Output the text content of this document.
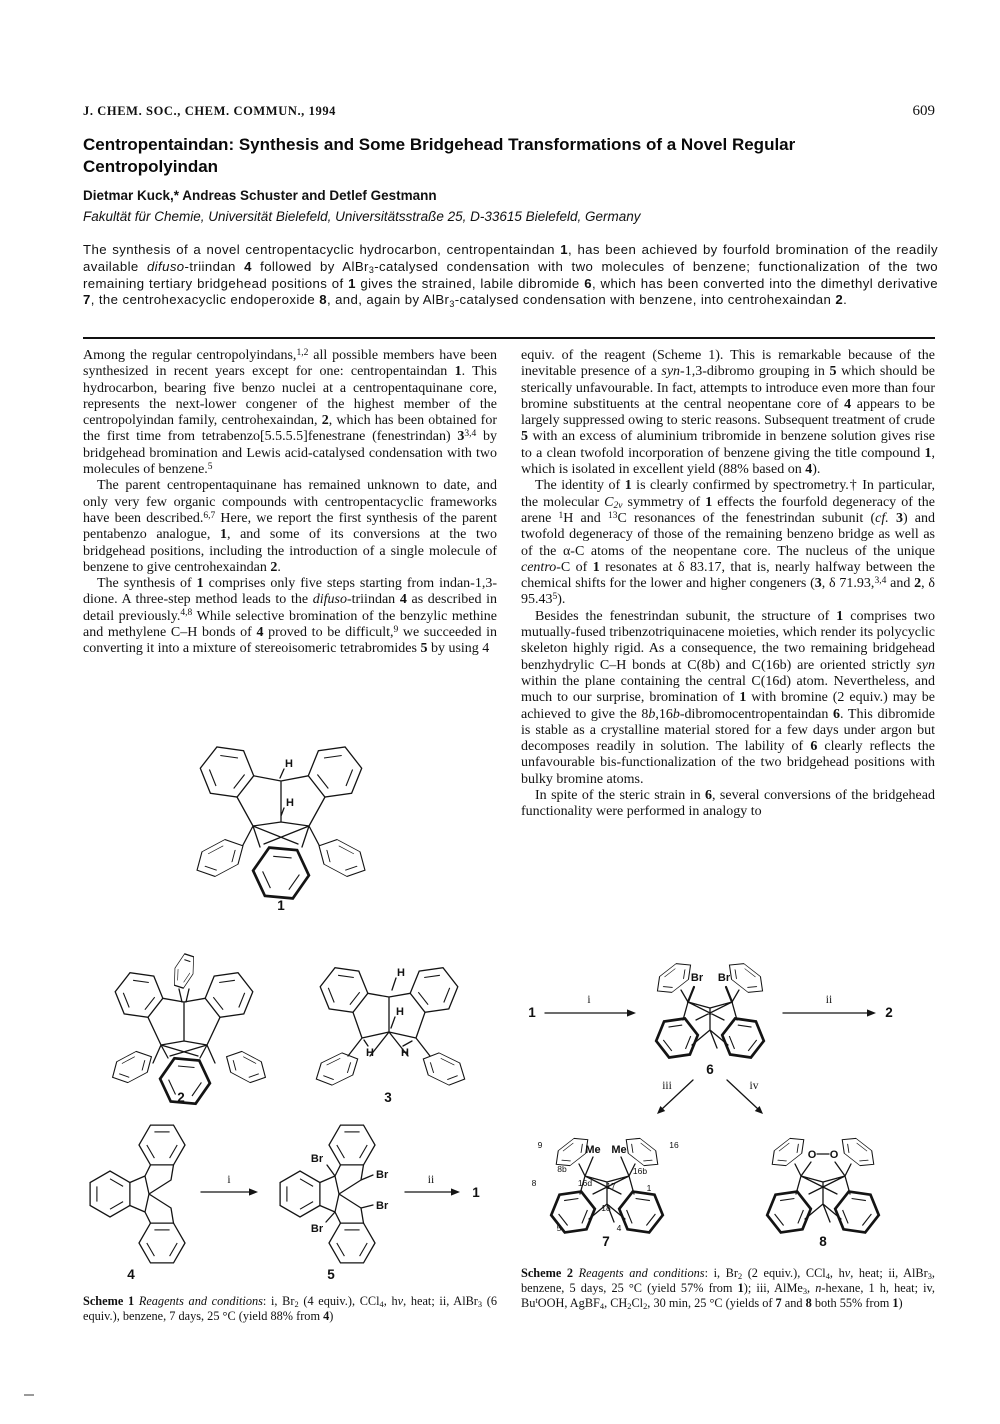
J. CHEM. SOC., CHEM. COMMUN., 1994	609
Centropentaindan: Synthesis and Some Bridgehead Transformations of a Novel Regular Centropolyindan
Dietmar Kuck,* Andreas Schuster and Detlef Gestmann
Fakultät für Chemie, Universität Bielefeld, Universitätsstraße 25, D-33615 Bielefeld, Germany
The synthesis of a novel centropentacyclic hydrocarbon, centropentaindan 1, has been achieved by fourfold bromination of the readily available difuso-triindan 4 followed by AlBr$_3$-catalysed condensation with two molecules of benzene; functionalization of the two remaining tertiary bridgehead positions of 1 gives the strained, labile dibromide 6, which has been converted into the dimethyl derivative 7, the centrohexacyclic endoperoxide 8, and, again by AlBr$_3$-catalysed condensation with benzene, into centrohexaindan 2.

Among the regular centropolyindans,$^{1,2}$ all possible members have been synthesized in recent years except for one: centropentaindan 1. This hydrocarbon, bearing five benzo nuclei at a centropentaquinane core, represents the next-lower congener of the highest member of the centropolyindan family, centrohexaindan, 2, which has been obtained for the first time from tetrabenzo[5.5.5.5]fenestrane (fenestrindan) 3$^{3,4}$ by bridgehead bromination and Lewis acid-catalysed condensation with two molecules of benzene.$^5$

The parent centropentaquinane has remained unknown to date, and only very few organic compounds with centropentacyclic frameworks have been described.$^{6,7}$ Here, we report the first synthesis of the parent pentabenzo analogue, 1, and some of its conversions at the two bridgehead positions, including the introduction of a single molecule of benzene to give centrohexaindan 2.

The synthesis of 1 comprises only five steps starting from indan-1,3-dione. A three-step method leads to the difuso-triindan 4 as described in detail previously.$^{4,8}$ While selective bromination of the benzylic methine and methylene C–H bonds of 4 proved to be difficult,$^9$ we succeeded in converting it into a mixture of stereoisomeric tetrabromides 5 by using 4

equiv. of the reagent (Scheme 1). This is remarkable because of the inevitable presence of a syn-1,3-dibromo grouping in 5 which should be sterically unfavourable. In fact, attempts to introduce even more than four bromine substituents at the central neopentane core of 4 appears to be largely suppressed owing to steric reasons. Subsequent treatment of crude 5 with an excess of aluminium tribromide in benzene solution gives rise to a clean twofold incorporation of benzene giving the title compound 1, which is isolated in excellent yield (88% based on 4).

The identity of 1 is clearly confirmed by spectrometry.† In particular, the molecular $C_{2v}$ symmetry of 1 effects the fourfold degeneracy of the arene $^1$H and $^{13}$C resonances of the fenestrindan subunit (cf. 3) and twofold degeneracy of those of the remaining benzeno bridge as well as of the α-C atoms of the neopentane core. The nucleus of the unique centro-C of 1 resonates at δ 83.17, that is, nearly halfway between the chemical shifts for the lower and higher congeners (3, δ 71.93,$^{3,4}$ and 2, δ 95.43$^5$).

Besides the fenestrindan subunit, the structure of 1 comprises two mutually-fused tribenzotriquinacene moieties, which render its polycyclic skeleton highly rigid. As a consequence, the two remaining bridgehead benzhydrylic C–H bonds at C(8b) and C(16b) are oriented strictly syn within the plane containing the central C(16d) atom. Nevertheless, and much to our surprise, bromination of 1 with bromine (2 equiv.) may be achieved to give the 8b,16b-dibromocentropentaindan 6. This dibromide is stable as a crystalline material stored for a few days under argon but decomposes readily in solution. The lability of 6 clearly reflects the unfavourable bis-functionalization of the two bridgehead positions with bulky bromine atoms.

In spite of the steric strain in 6, several conversions of the bridgehead functionality were performed in analogy to

H
H
1
2
H
H
H H
3
4
i
Br
Br
Br
Br
5
ii
1
Scheme 1 Reagents and conditions: i, $Br_2$ (4 equiv.), CCl$_4$, hν, heat; ii, AlBr$_3$ (6 equiv.), benzene, 7 days, 25 °C (yield 88% from 4)
1
i
Br Br
6
ii
2
iii	iv
Me Me
9	16
8b	16b
8	16d 17	1
18
5	4
7
O O
8
Scheme 2 Reagents and conditions: i, $Br_2$ (2 equiv.), CCl$_4$, hν, heat; ii, AlBr$_3$, benzene, 5 days, 25 °C (yield 57% from 1); iii, AlMe$_3$, n-hexane, 1 h, heat; iv, Bu$^t$OOH, AgBF$_4$, $CH_2Cl_2$, 30 min, 25 °C (yields of 7 and 8 both 55% from 1)
